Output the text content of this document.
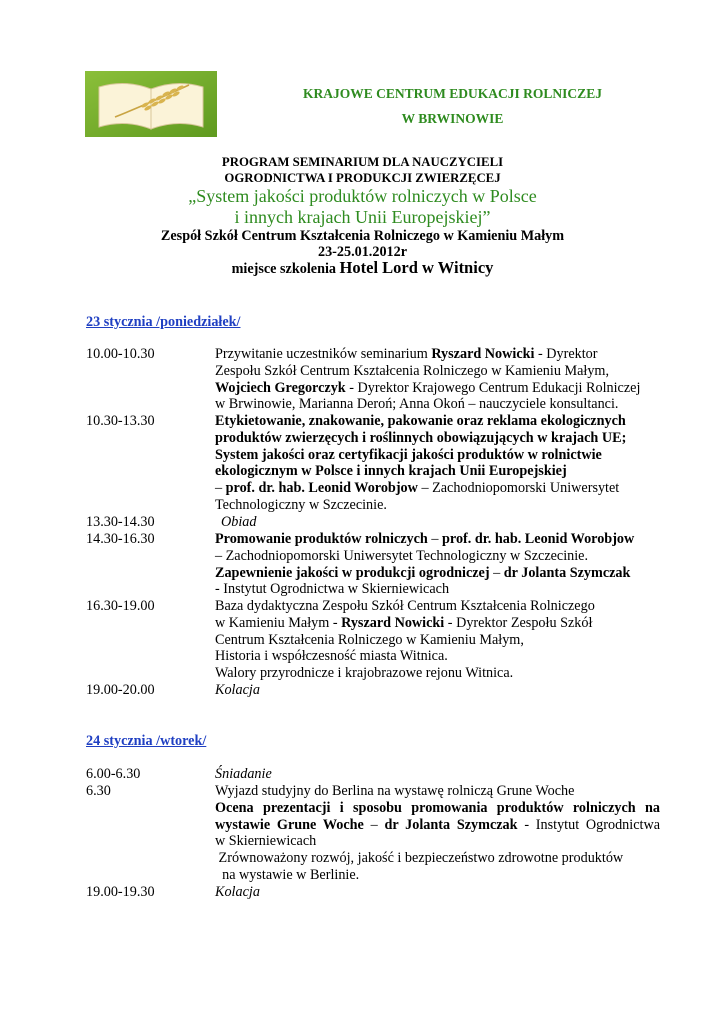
KRAJOWE CENTRUM EDUKACJI ROLNICZEJ
W BRWINOWIE
PROGRAM SEMINARIUM DLA NAUCZYCIELI
OGRODNICTWA I PRODUKCJI ZWIERZĘCEJ
„System jakości produktów rolniczych w Polsce
i innych krajach Unii Europejskiej”
Zespół Szkół Centrum Kształcenia Rolniczego w Kamieniu Małym
23-25.01.2012r
miejsce szkolenia Hotel Lord w Witnicy
23 stycznia /poniedziałek/
10.00-10.30	Przywitanie uczestników seminarium Ryszard Nowicki - Dyrektor
Zespołu Szkół Centrum Kształcenia Rolniczego w Kamieniu Małym,
Wojciech Gregorczyk - Dyrektor Krajowego Centrum Edukacji Rolniczej
w Brwinowie, Marianna Deroń; Anna Okoń – nauczyciele konsultanci.
10.30-13.30	Etykietowanie, znakowanie, pakowanie oraz reklama ekologicznych
produktów zwierzęcych i roślinnych obowiązujących w krajach UE;
System jakości oraz certyfikacji jakości produktów w rolnictwie
ekologicznym w Polsce i innych krajach Unii Europejskiej
– prof. dr. hab. Leonid Worobjow – Zachodniopomorski Uniwersytet
Technologiczny w Szczecinie.
13.30-14.30	Obiad
14.30-16.30	Promowanie produktów rolniczych – prof. dr. hab. Leonid Worobjow
– Zachodniopomorski Uniwersytet Technologiczny w Szczecinie.
Zapewnienie jakości w produkcji ogrodniczej – dr Jolanta Szymczak
- Instytut Ogrodnictwa w Skierniewicach
16.30-19.00	Baza dydaktyczna Zespołu Szkół Centrum Kształcenia Rolniczego
w Kamieniu Małym - Ryszard Nowicki - Dyrektor Zespołu Szkół
Centrum Kształcenia Rolniczego w Kamieniu Małym,
Historia i współczesność miasta Witnica.
Walory przyrodnicze i krajobrazowe rejonu Witnica.
19.00-20.00	Kolacja
24 stycznia /wtorek/
6.00-6.30	Śniadanie
6.30	Wyjazd studyjny do Berlina na wystawę rolniczą Grune Woche
Ocena prezentacji i sposobu promowania produktów rolniczych na
wystawie Grune Woche – dr Jolanta Szymczak - Instytut Ogrodnictwa
w Skierniewicach
Zrównoważony rozwój, jakość i bezpieczeństwo zdrowotne produktów
na wystawie w Berlinie.
19.00-19.30	Kolacja
